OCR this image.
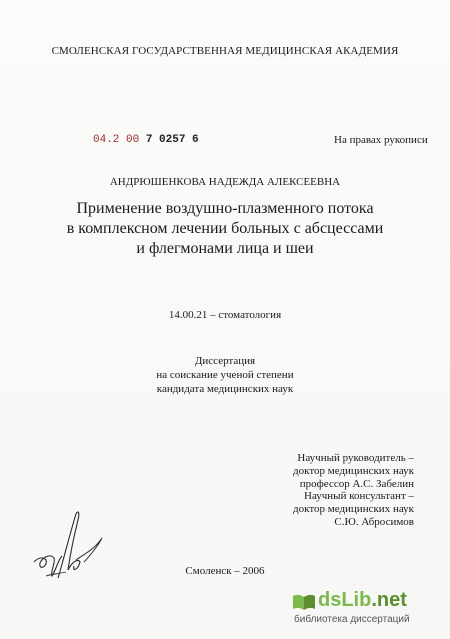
СМОЛЕНСКАЯ ГОСУДАРСТВЕННАЯ МЕДИЦИНСКАЯ АКАДЕМИЯ
04.2 00 7 0257 6	На правах рукописи
АНДРЮШЕНКОВА НАДЕЖДА АЛЕКСЕЕВНА
Применение воздушно-плазменного потока
в комплексном лечении больных с абсцессами
и флегмонами лица и шеи
14.00.21 – стоматология
Диссертация
на соискание ученой степени
кандидата медицинских наук
Научный руководитель –
доктор медицинских наук
профессор А.С. Забелин
Научный консультант –
доктор медицинских наук
С.Ю. Абросимов
Смоленск – 2006
dsLib.net
библиотека диссертаций
